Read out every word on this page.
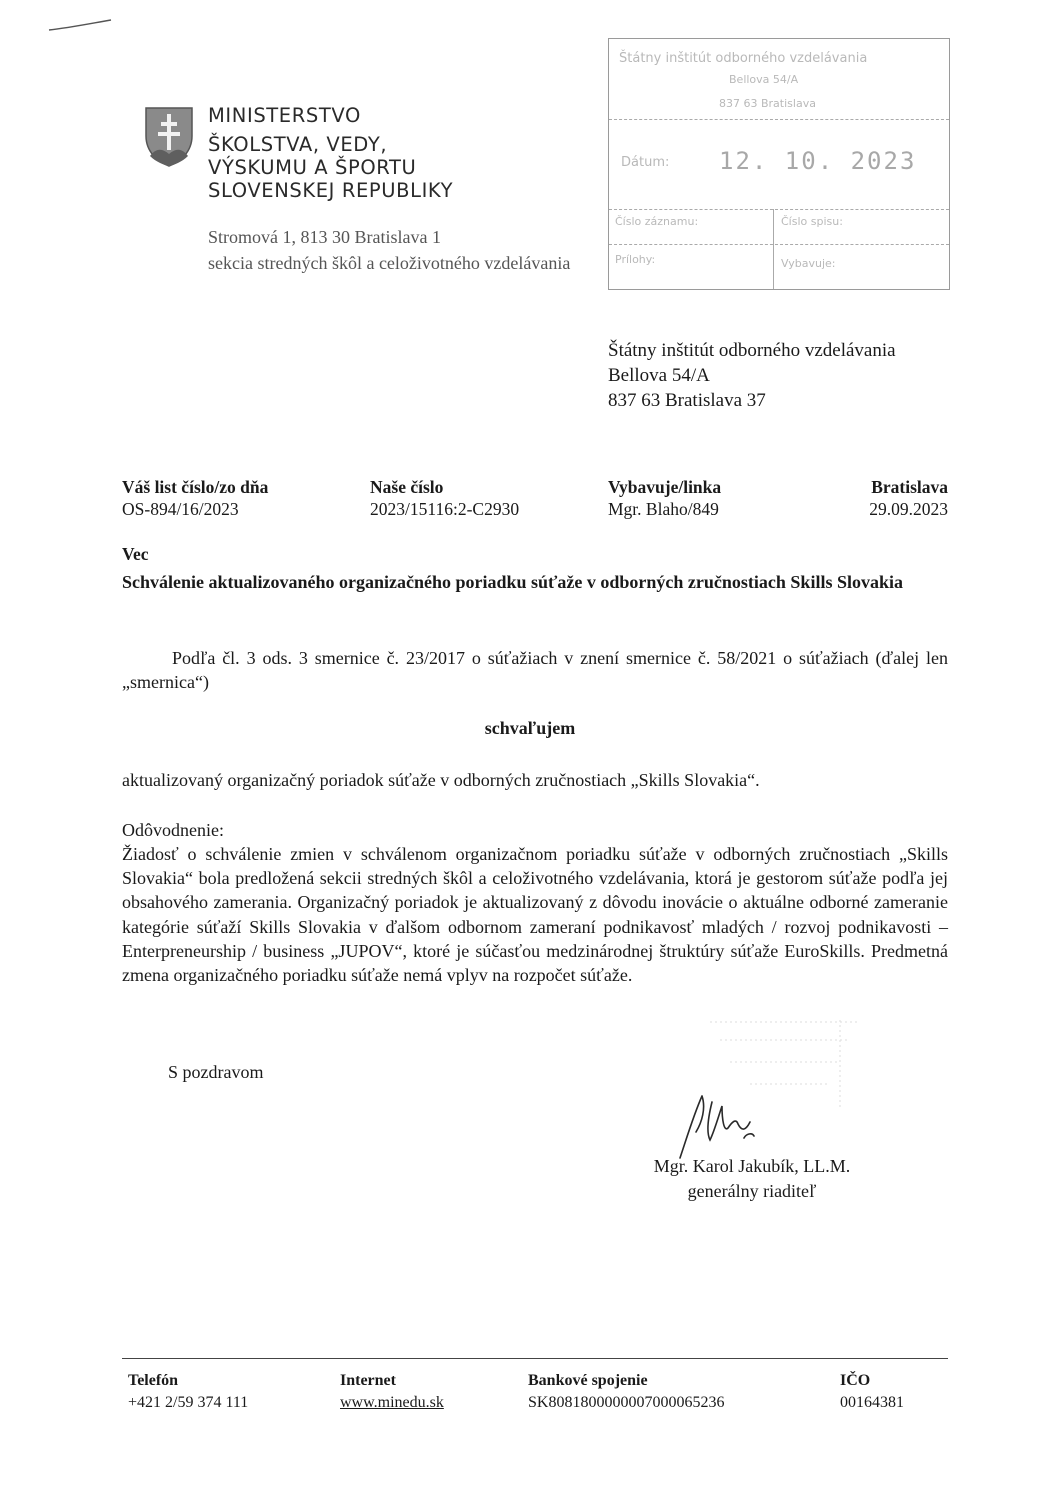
MINISTERSTVO
ŠKOLSTVA, VEDY,
VÝSKUMU A ŠPORTU
SLOVENSKEJ REPUBLIKY
Stromová 1, 813 30 Bratislava 1
sekcia stredných škôl a celoživotného vzdelávania
Štátny inštitút odborného vzdelávania
Bellova 54/A
837 63 Bratislava
Dátum: 12. 10. 2023
Číslo záznamu:	Číslo spisu:
Prílohy:	Vybavuje:
Štátny inštitút odborného vzdelávania
Bellova 54/A
837 63 Bratislava 37
Váš list číslo/zo dňa
OS-894/16/2023
Naše číslo
2023/15116:2-C2930
Vybavuje/linka
Mgr. Blaho/849
Bratislava
29.09.2023
Vec
Schválenie aktualizovaného organizačného poriadku súťaže v odborných zručnostiach Skills Slovakia
Podľa čl. 3 ods. 3 smernice č. 23/2017 o súťažiach v znení smernice č. 58/2021 o súťažiach (ďalej len „smernica“)
schvaľujem
aktualizovaný organizačný poriadok súťaže v odborných zručnostiach „Skills Slovakia“.
Odôvodnenie:
Žiadosť o schválenie zmien v schválenom organizačnom poriadku súťaže v odborných zručnostiach „Skills Slovakia“ bola predložená sekcii stredných škôl a celoživotného vzdelávania, ktorá je gestorom súťaže podľa jej obsahového zamerania. Organizačný poriadok je aktualizovaný z dôvodu inovácie o aktuálne odborné zameranie kategórie súťaží Skills Slovakia v ďalšom odbornom zameraní podnikavosť mladých / rozvoj podnikavosti – Enterpreneurship / business „JUPOV“, ktoré je súčasťou medzinárodnej štruktúry súťaže EuroSkills. Predmetná zmena organizačného poriadku súťaže nemá vplyv na rozpočet súťaže.
S pozdravom
Mgr. Karol Jakubík, LL.M.
generálny riaditeľ
Telefón
+421 2/59 374 111
Internet
www.minedu.sk
Bankové spojenie
SK8081800000007000065236
IČO
00164381
